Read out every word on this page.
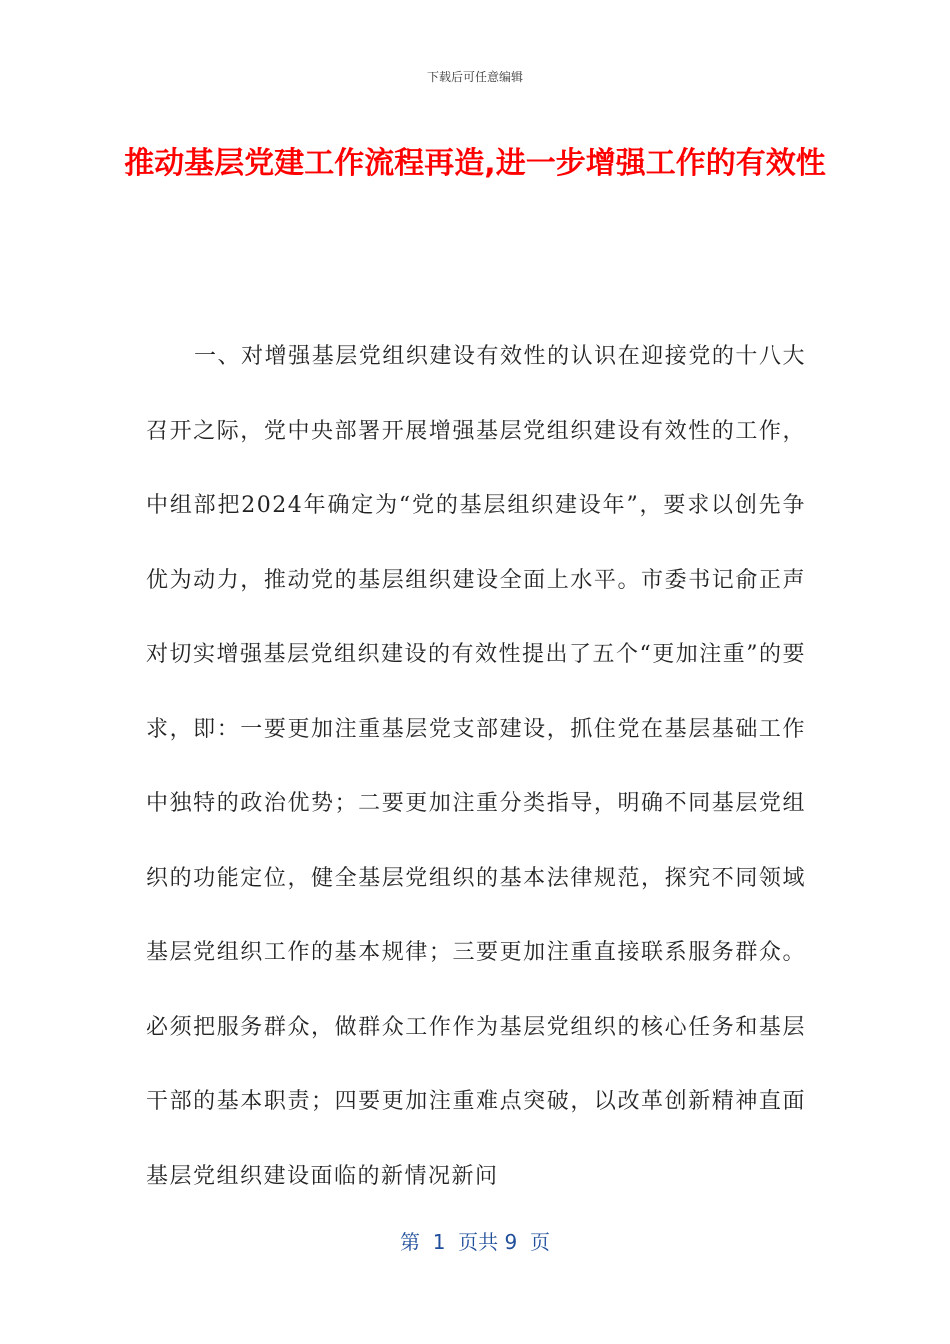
下载后可任意编辑
推动基层党建工作流程再造,进一步增强工作的有效性

一、对增强基层党组织建设有效性的认识在迎接党的十八大召开之际，党中央部署开展增强基层党组织建设有效性的工作，中组部把2024年确定为“党的基层组织建设年”，要求以创先争优为动力，推动党的基层组织建设全面上水平。市委书记俞正声对切实增强基层党组织建设的有效性提出了五个“更加注重”的要求，即：一要更加注重基层党支部建设，抓住党在基层基础工作中独特的政治优势；二要更加注重分类指导，明确不同基层党组织的功能定位，健全基层党组织的基本法律规范，探究不同领域基层党组织工作的基本规律；三要更加注重直接联系服务群众。必须把服务群众，做群众工作作为基层党组织的核心任务和基层干部的基本职责；四要更加注重难点突破，以改革创新精神直面基层党组织建设面临的新情况新问

第  1  页共 9  页
